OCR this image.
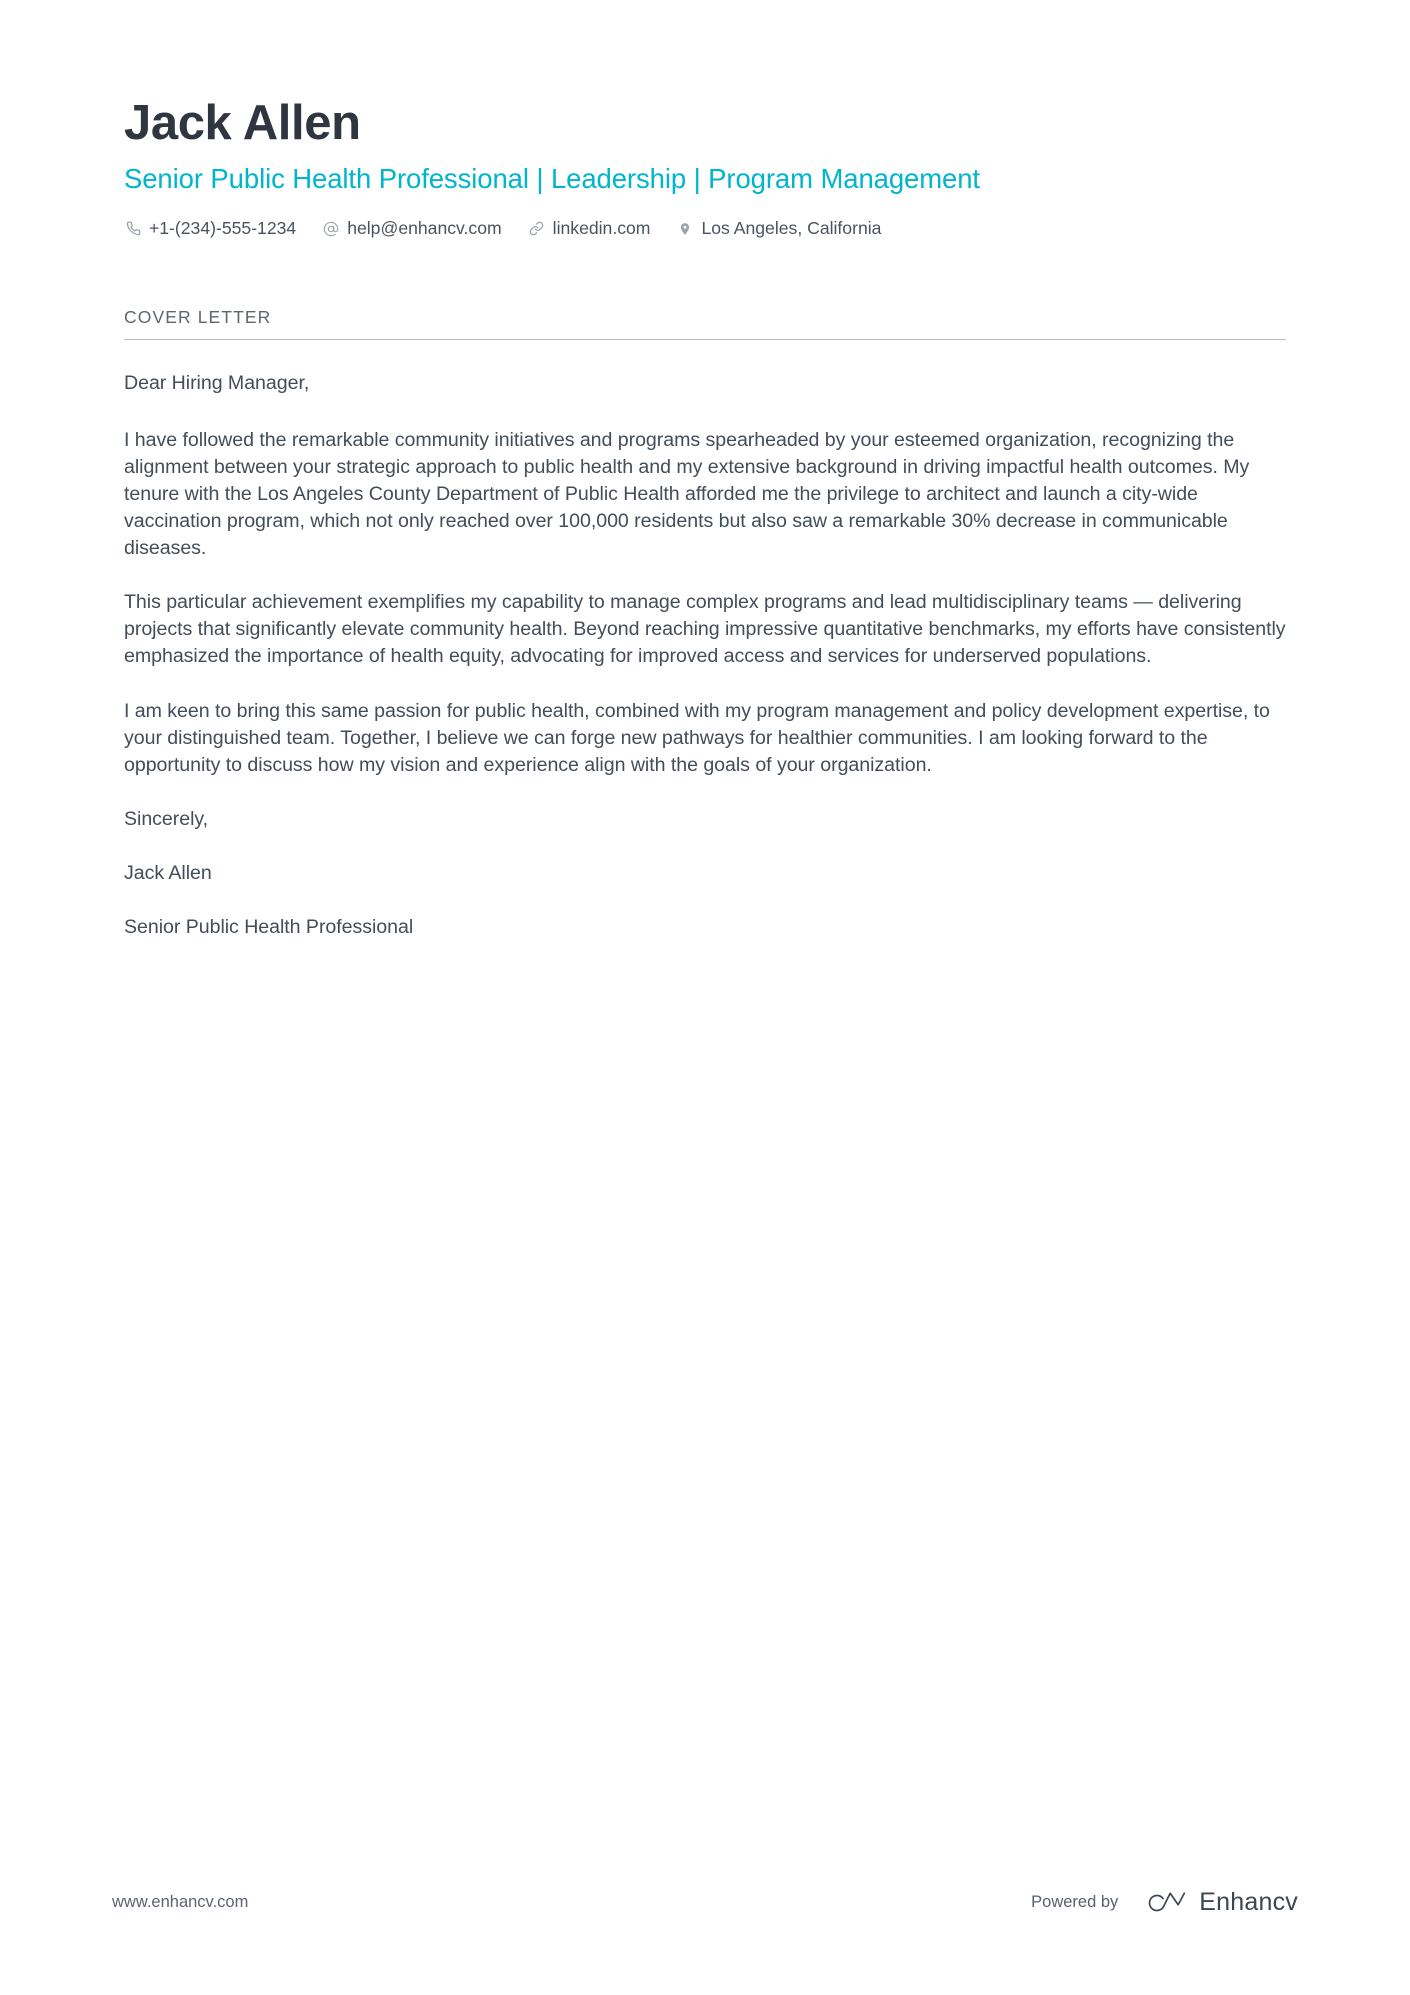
Jack Allen
Senior Public Health Professional | Leadership | Program Management
+1-(234)-555-1234	help@enhancv.com	linkedin.com	Los Angeles, California
COVER LETTER

Dear Hiring Manager,

I have followed the remarkable community initiatives and programs spearheaded by your esteemed organization, recognizing the alignment between your strategic approach to public health and my extensive background in driving impactful health outcomes. My tenure with the Los Angeles County Department of Public Health afforded me the privilege to architect and launch a city-wide vaccination program, which not only reached over 100,000 residents but also saw a remarkable 30% decrease in communicable diseases.

This particular achievement exemplifies my capability to manage complex programs and lead multidisciplinary teams — delivering projects that significantly elevate community health. Beyond reaching impressive quantitative benchmarks, my efforts have consistently emphasized the importance of health equity, advocating for improved access and services for underserved populations.

I am keen to bring this same passion for public health, combined with my program management and policy development expertise, to your distinguished team. Together, I believe we can forge new pathways for healthier communities. I am looking forward to the opportunity to discuss how my vision and experience align with the goals of your organization.

Sincerely,

Jack Allen

Senior Public Health Professional

www.enhancv.com	Powered by	Enhancv
